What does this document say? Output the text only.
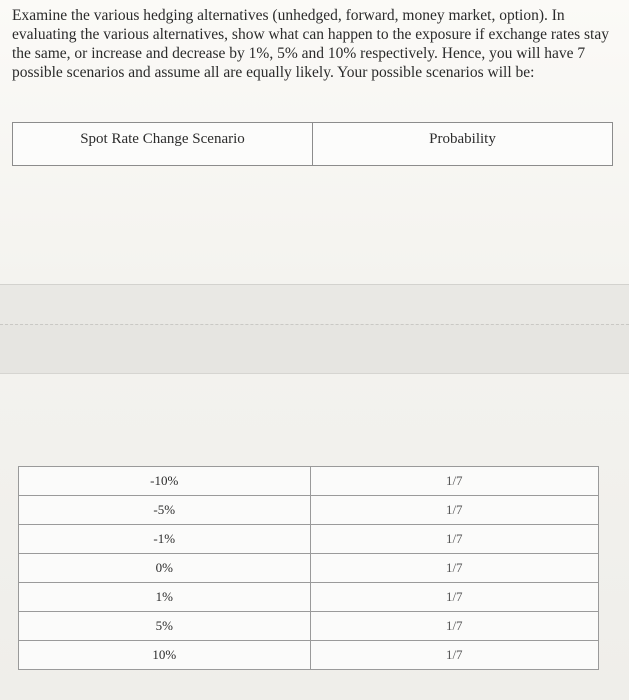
Examine the various hedging alternatives (unhedged, forward, money market, option). In evaluating the various alternatives, show what can happen to the exposure if exchange rates stay the same, or increase and decrease by 1%, 5% and 10% respectively. Hence, you will have 7 possible scenarios and assume all are equally likely. Your possible scenarios will be:
Spot Rate Change Scenario	Probability
-10%	1/7
-5%	1/7
-1%	1/7
0%	1/7
1%	1/7
5%	1/7
10%	1/7
